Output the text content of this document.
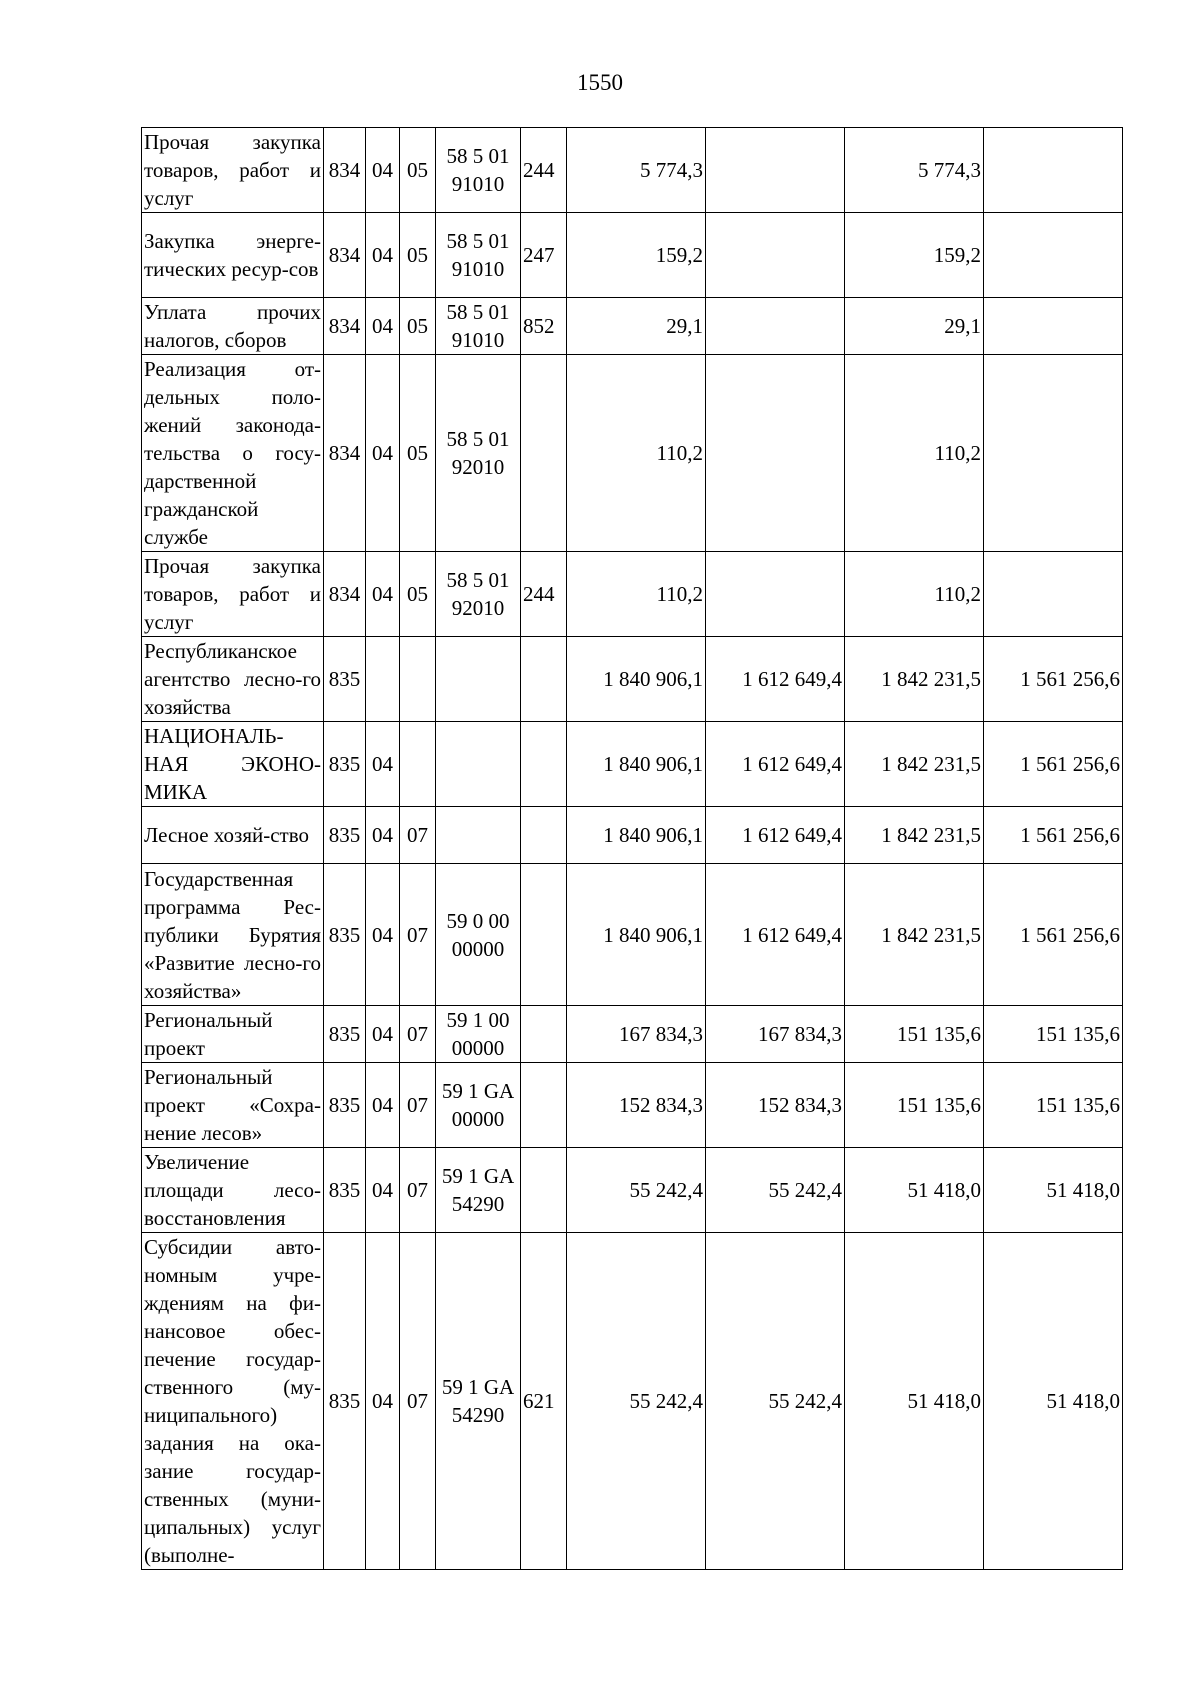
1550
Прочая закупка товаров, работ и услуг	834	04	05	58 5 01 91010	244	5 774,3		5 774,3	
Закупка энерге-тических ресур-сов	834	04	05	58 5 01 91010	247	159,2		159,2	
Уплата прочих налогов, сборов	834	04	05	58 5 01 91010	852	29,1		29,1	
Реализация от-дельных поло-жений законода-тельства о госу-дарственной гражданской службе	834	04	05	58 5 01 92010		110,2		110,2	
Прочая закупка товаров, работ и услуг	834	04	05	58 5 01 92010	244	110,2		110,2	
Республиканское агентство лесно-го хозяйства	835					1 840 906,1	1 612 649,4	1 842 231,5	1 561 256,6
НАЦИОНАЛЬ-НАЯ ЭКОНО-МИКА	835	04				1 840 906,1	1 612 649,4	1 842 231,5	1 561 256,6
Лесное хозяй-ство	835	04	07			1 840 906,1	1 612 649,4	1 842 231,5	1 561 256,6
Государственная программа Рес-публики Бурятия «Развитие лесно-го хозяйства»	835	04	07	59 0 00 00000		1 840 906,1	1 612 649,4	1 842 231,5	1 561 256,6
Региональный проект	835	04	07	59 1 00 00000		167 834,3	167 834,3	151 135,6	151 135,6
Региональный проект «Сохра-нение лесов»	835	04	07	59 1 GA 00000		152 834,3	152 834,3	151 135,6	151 135,6
Увеличение площади лесо-восстановления	835	04	07	59 1 GA 54290		55 242,4	55 242,4	51 418,0	51 418,0
Субсидии авто-номным учре-ждениям на фи-нансовое обес-печение государ-ственного (му-ниципального) задания на ока-зание государ-ственных (муни-ципальных) услуг (выполне-	835	04	07	59 1 GA 54290	621	55 242,4	55 242,4	51 418,0	51 418,0
